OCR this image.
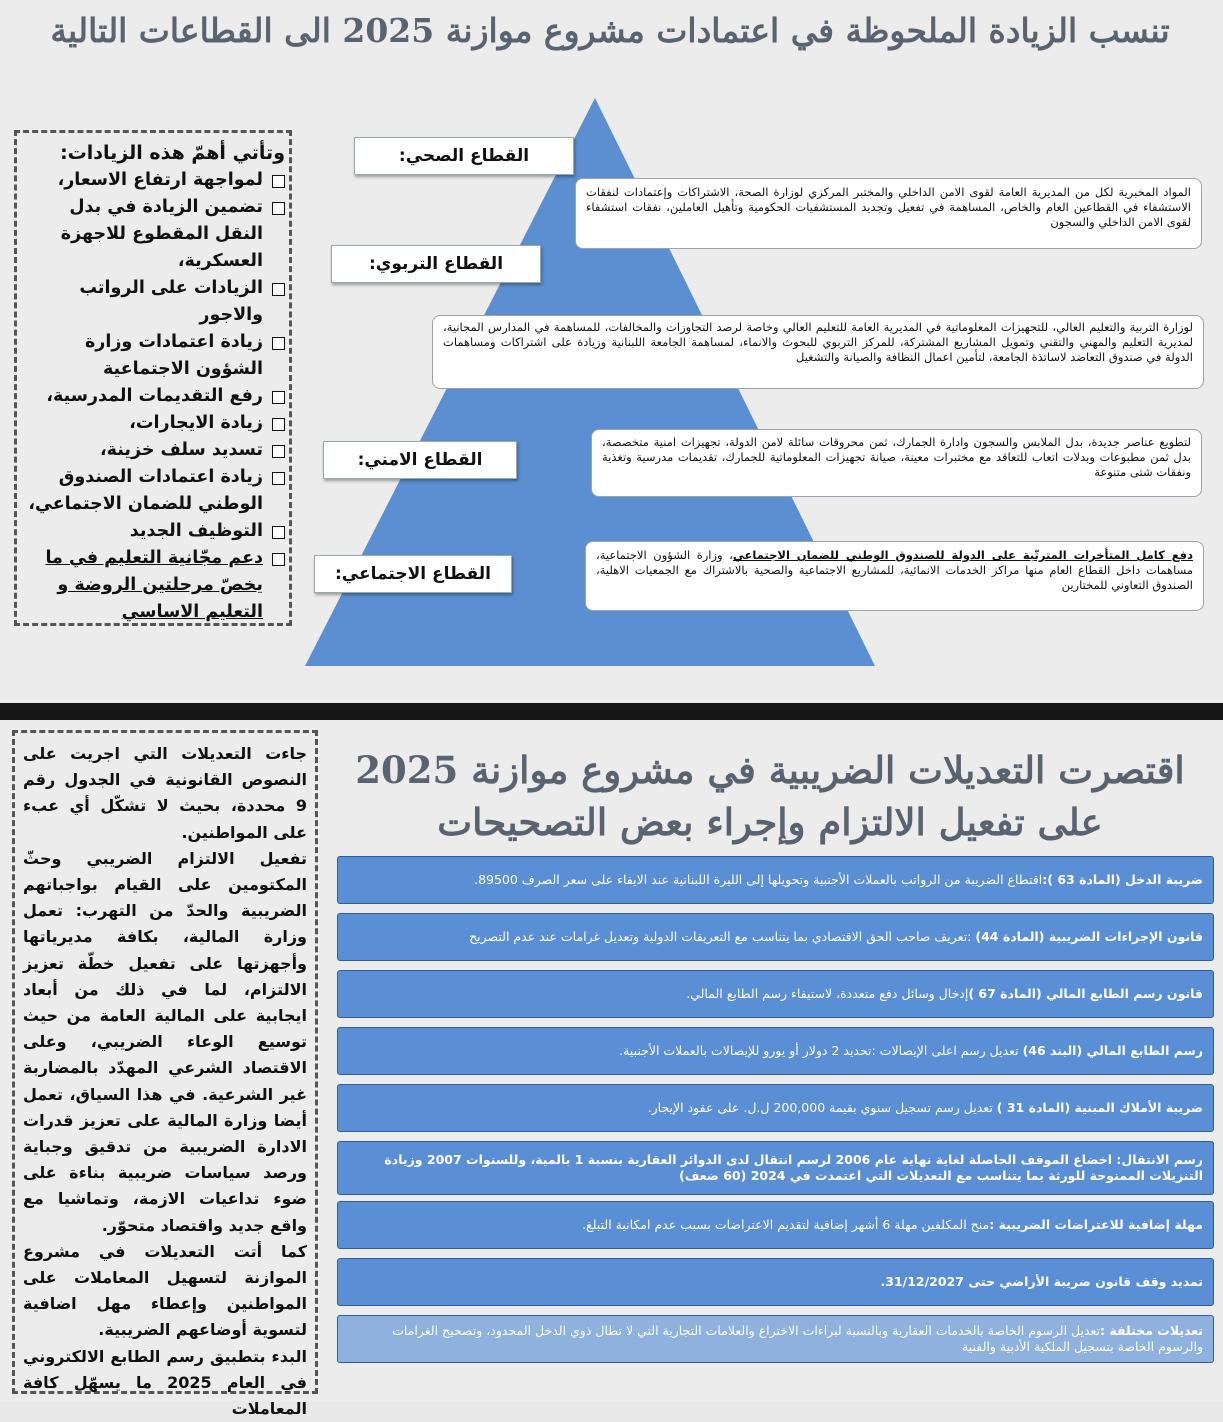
تنسب الزيادة الملحوظة في اعتمادات مشروع موازنة 2025 الى القطاعات التالية
وتأتي أهمّ هذه الزيادات:
لمواجهة ارتفاع الاسعار،
تضمين الزيادة في بدل النقل المقطوع للاجهزة العسكرية،
الزيادات على الرواتب والاجور
زيادة اعتمادات وزارة الشؤون الاجتماعية
رفع التقديمات المدرسية،
زيادة الايجارات،
تسديد سلف خزينة،
زيادة اعتمادات الصندوق الوطني للضمان الاجتماعي،
التوظيف الجديد
دعم مجّانية التعليم في ما يخصّ مرحلتين الروضة و التعليم الاساسي
القطاع الصحي:
المواد المخبرية لكل من المديرية العامة لقوى الامن الداخلي والمختبر المركزي لوزارة الصحة، الاشتراكات وإعتمادات لنفقات الاستشفاء في القطاعين العام والخاص، المساهمة في تفعيل وتجديد المستشفيات الحكومية وتأهيل العاملين، نفقات استشفاء لقوى الامن الداخلي والسجون
القطاع التربوي:
لوزارة التربية والتعليم العالي، للتجهيزات المعلوماتية في المديرية العامة للتعليم العالي وخاصة لرصد التجاوزات والمخالفات، للمساهمة في المدارس المجانية، لمديرية التعليم والمهني والتقني وتمويل المشاريع المشتركة، للمركز التربوي للبحوث والانماء، لمساهمة الجامعة اللبنانية وزيادة على اشتراكات ومساهمات الدولة في صندوق التعاضد لاساتذة الجامعة، لتأمين اعمال النظافة والصيانة والتشغيل
القطاع الامني:
لتطويع عناصر جديدة، بدل الملابس والسجون وادارة الجمارك، ثمن محروقات سائلة لامن الدولة، تجهيزات امنية متخصصة، بدل ثمن مطبوعات وبدلات اتعاب للتعاقد مع مختبرات معينة، صيانة تجهيزات المعلوماتية للجمارك، تقديمات مدرسية وتغذية ونفقات شتى متنوعة
القطاع الاجتماعي:
دفع كامل المتأخرات المترتّبة على الدولة للصندوق الوطني للضمان الاجتماعي، وزارة الشؤون الاجتماعية، مساهمات داخل القطاع العام منها مراكز الخدمات الانمائية، للمشاريع الاجتماعية والصحية بالاشتراك مع الجمعيات الاهلية، الصندوق التعاوني للمختارين
اقتصرت التعديلات الضريبية في مشروع موازنة 2025
على تفعيل الالتزام وإجراء بعض التصحيحات

جاءت التعديلات التي اجريت على النصوص القانونية في الجدول رقم 9 محددة، بحيث لا تشكّل أي عبء على المواطنين.

تفعيل الالتزام الضريبي وحثّ المكتومين على القيام بواجباتهم الضريبية والحدّ من التهرب: تعمل وزارة المالية، بكافة مديرياتها وأجهزتها على تفعيل خطّة تعزيز الالتزام، لما في ذلك من أبعاد ايجابية على المالية العامة من حيث توسيع الوعاء الضريبي، وعلى الاقتصاد الشرعي المهدّد بالمضاربة غير الشرعية. في هذا السياق، تعمل أيضا وزارة المالية على تعزيز قدرات الادارة الضريبية من تدقيق وجباية ورصد سياسات ضريبية بناءة على ضوء تداعيات الازمة، وتماشيا مع واقع جديد واقتصاد متحوّر.

كما أتت التعديلات في مشروع الموازنة لتسهيل المعاملات على المواطنين وإعطاء مهل اضافية لتسوية أوضاعهم الضريبية.

البدء بتطبيق رسم الطابع الالكتروني في العام 2025 ما يسهّل كافة المعاملات

ضريبة الدخل (المادة 63 ):اقتطاع الضريبة من الرواتب بالعملات الأجنبية وتحويلها إلى الليرة اللبنانية عند الايفاء على سعر الصرف 89500.
قانون الإجراءات الضريبية (المادة 44) :تعريف صاحب الحق الاقتصادي بما يتناسب مع التعريفات الدولية وتعديل غرامات عند عدم التصريح
قانون رسم الطابع المالي (المادة 67 )إدخال وسائل دفع متعددة، لاستيفاء رسم الطابع المالي.
رسم الطابع المالي (البند 46) تعديل رسم اعلى الإيصالات :تحديد 2 دولار أو يورو للإيصالات بالعملات الأجنبية.
ضريبة الأملاك المبنية (المادة 31 ) تعديل رسم تسجيل سنوي بقيمة 200,000 ل.ل. على عقود الإيجار.
رسم الانتقال: اخضاع الموقف الحاصلة لغاية نهاية عام 2006 لرسم انتقال لدى الدوائر العقارية بنسبة 1 بالمية، وللسنوات 2007 وزيادة التنزيلات الممنوحة للورثة بما يتناسب مع التعديلات التي اعتمدت في 2024 (60 ضعف)
مهلة إضافية للاعتراضات الضريبية :منح المكلفين مهلة 6 أشهر إضافية لتقديم الاعتراضات بسبب عدم امكانية التبلغ.
تمديد وقف قانون ضريبة الأراضي حتى 31/12/2027.
تعديلات مختلفة :تعديل الرسوم الخاصة بالخدمات العقارية وبالنسبة لبراءات الاختراع والعلامات التجارية التي لا تطال ذوي الدخل المحدود، وتصحيح الغرامات والرسوم الخاصة بتسجيل الملكية الأدبية والفنية
